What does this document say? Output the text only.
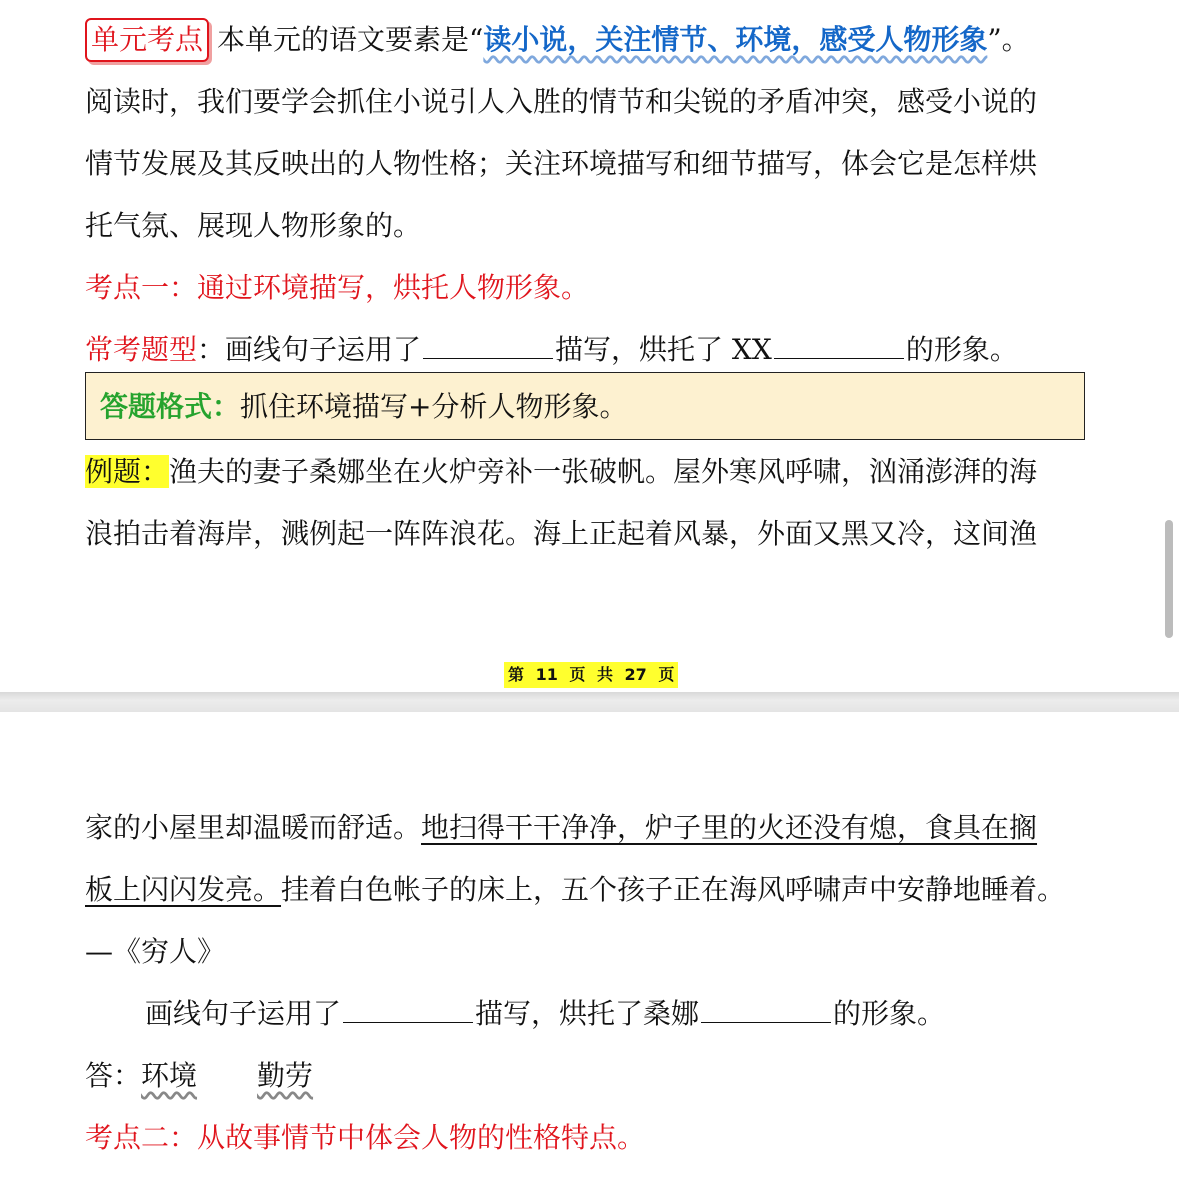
单元考点 本单元的语文要素是“读小说，关注情节、环境，感受人物形象”。
阅读时，我们要学会抓住小说引人入胜的情节和尖锐的矛盾冲突，感受小说的
情节发展及其反映出的人物性格；关注环境描写和细节描写，体会它是怎样烘
托气氛、展现人物形象的。
考点一：通过环境描写，烘托人物形象。
常考题型：画线句子运用了	描写，烘托了 XX	的形象。
答题格式：抓住环境描写+分析人物形象。
例题：渔夫的妻子桑娜坐在火炉旁补一张破帆。屋外寒风呼啸，汹涌澎湃的海
浪拍击着海岸，溅例起一阵阵浪花。海上正起着风暴，外面又黑又冷，这间渔
第 11 页 共 27 页
家的小屋里却温暖而舒适。地扫得干干净净，炉子里的火还没有熄，食具在搁
板上闪闪发亮。挂着白色帐子的床上，五个孩子正在海风呼啸声中安静地睡着。
—《穷人》
画线句子运用了	描写，烘托了桑娜	的形象。
答：环境 勤劳
考点二：从故事情节中体会人物的性格特点。
